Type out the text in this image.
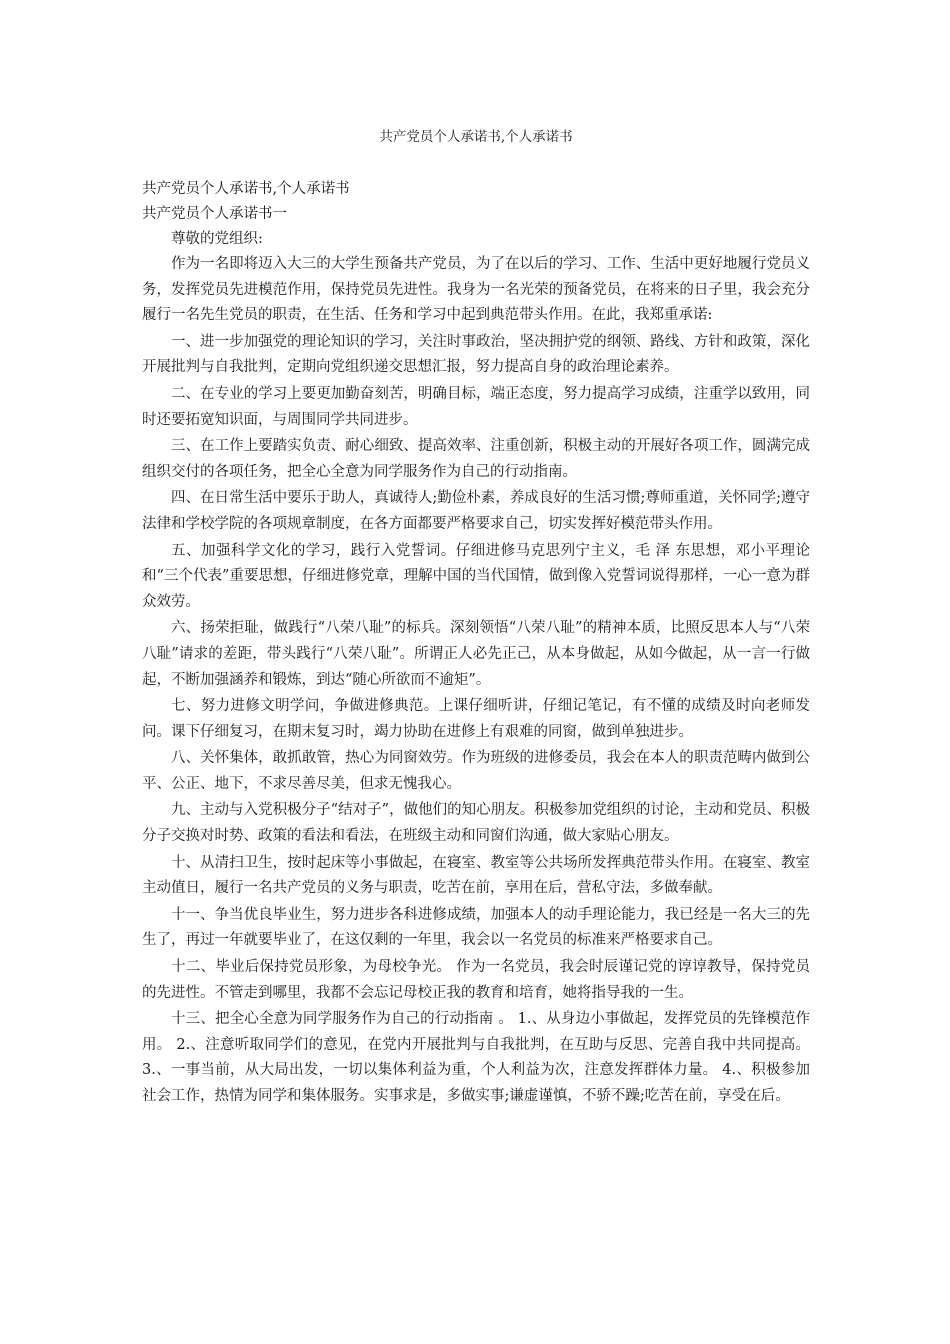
共产党员个人承诺书,个人承诺书

共产党员个人承诺书,个人承诺书

共产党员个人承诺书一

尊敬的党组织:

作为一名即将迈入大三的大学生预备共产党员，为了在以后的学习、工作、生活中更好地履行党员义务，发挥党员先进模范作用，保持党员先进性。我身为一名光荣的预备党员，在将来的日子里，我会充分履行一名先生党员的职责，在生活、任务和学习中起到典范带头作用。在此，我郑重承诺:

一、进一步加强党的理论知识的学习，关注时事政治，坚决拥护党的纲领、路线、方针和政策，深化开展批判与自我批判，定期向党组织递交思想汇报，努力提高自身的政治理论素养。

二、在专业的学习上要更加勤奋刻苦，明确目标，端正态度，努力提高学习成绩，注重学以致用，同时还要拓宽知识面，与周围同学共同进步。

三、在工作上要踏实负责、耐心细致、提高效率、注重创新，积极主动的开展好各项工作，圆满完成组织交付的各项任务，把全心全意为同学服务作为自己的行动指南。

四、在日常生活中要乐于助人，真诚待人;勤俭朴素，养成良好的生活习惯;尊师重道，关怀同学;遵守法律和学校学院的各项规章制度，在各方面都要严格要求自己，切实发挥好模范带头作用。

五、加强科学文化的学习，践行入党誓词。仔细进修马克思列宁主义，毛 泽 东思想，邓小平理论和“三个代表”重要思想，仔细进修党章，理解中国的当代国情，做到像入党誓词说得那样，一心一意为群众效劳。

六、扬荣拒耻，做践行“八荣八耻”的标兵。深刻领悟“八荣八耻”的精神本质，比照反思本人与“八荣八耻”请求的差距，带头践行“八荣八耻”。所谓正人必先正己，从本身做起，从如今做起，从一言一行做起，不断加强涵养和锻炼，到达“随心所欲而不逾矩”。

七、努力进修文明学问，争做进修典范。上课仔细听讲，仔细记笔记，有不懂的成绩及时向老师发问。课下仔细复习，在期末复习时，竭力协助在进修上有艰难的同窗，做到单独进步。

八、关怀集体，敢抓敢管，热心为同窗效劳。作为班级的进修委员，我会在本人的职责范畴内做到公平、公正、地下，不求尽善尽美，但求无愧我心。

九、主动与入党积极分子“结对子”，做他们的知心朋友。积极参加党组织的讨论，主动和党员、积极分子交换对时势、政策的看法和看法，在班级主动和同窗们沟通，做大家贴心朋友。

十、从清扫卫生，按时起床等小事做起，在寝室、教室等公共场所发挥典范带头作用。在寝室、教室主动值日，履行一名共产党员的义务与职责，吃苦在前，享用在后，营私守法，多做奉献。

十一、争当优良毕业生，努力进步各科进修成绩，加强本人的动手理论能力，我已经是一名大三的先生了，再过一年就要毕业了，在这仅剩的一年里，我会以一名党员的标准来严格要求自己。

十二、毕业后保持党员形象，为母校争光。 作为一名党员，我会时辰谨记党的谆谆教导，保持党员的先进性。不管走到哪里，我都不会忘记母校正我的教育和培育，她将指导我的一生。

十三、把全心全意为同学服务作为自己的行动指南 。 1.、从身边小事做起，发挥党员的先锋模范作用。 2.、注意听取同学们的意见，在党内开展批判与自我批判，在互助与反思、完善自我中共同提高。 3.、一事当前，从大局出发，一切以集体利益为重，个人利益为次，注意发挥群体力量。 4.、积极参加社会工作，热情为同学和集体服务。实事求是，多做实事;谦虚谨慎，不骄不躁;吃苦在前，享受在后。
